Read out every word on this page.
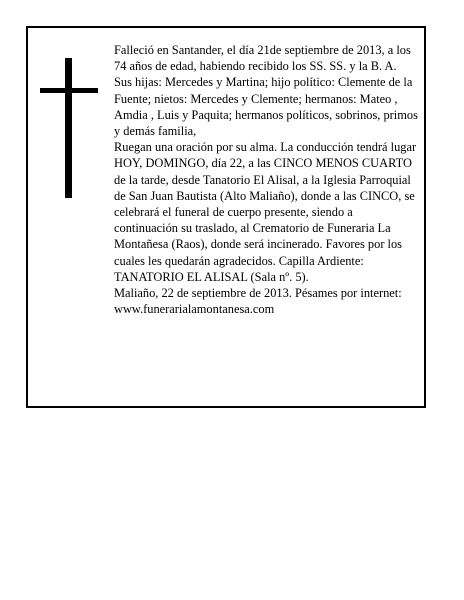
Falleció en Santander, el día 21de septiembre de 2013, a los 74 años de edad, habiendo recibido los SS. SS. y la B. A.

Sus hijas: Mercedes y Martina; hijo político: Clemente de la Fuente; nietos: Mercedes y Clemente; hermanos: Mateo , Amdia , Luis y Paquita; hermanos políticos, sobrinos, primos y demás familia,

Ruegan una oración por su alma. La conducción tendrá lugar HOY, DOMINGO, día 22, a las CINCO MENOS CUARTO de la tarde, desde Tanatorio El Alisal, a la Iglesia Parroquial de San Juan Bautista (Alto Maliaño), donde a las CINCO, se celebrará el funeral de cuerpo presente, siendo a continuación su traslado, al Crematorio de Funeraria La Montañesa (Raos), donde será incinerado. Favores por los cuales les quedarán agradecidos. Capilla Ardiente: TANATORIO EL ALISAL (Sala nº. 5).

Maliaño, 22 de septiembre de 2013. Pésames por internet: www.funerarialamontanesa.com
